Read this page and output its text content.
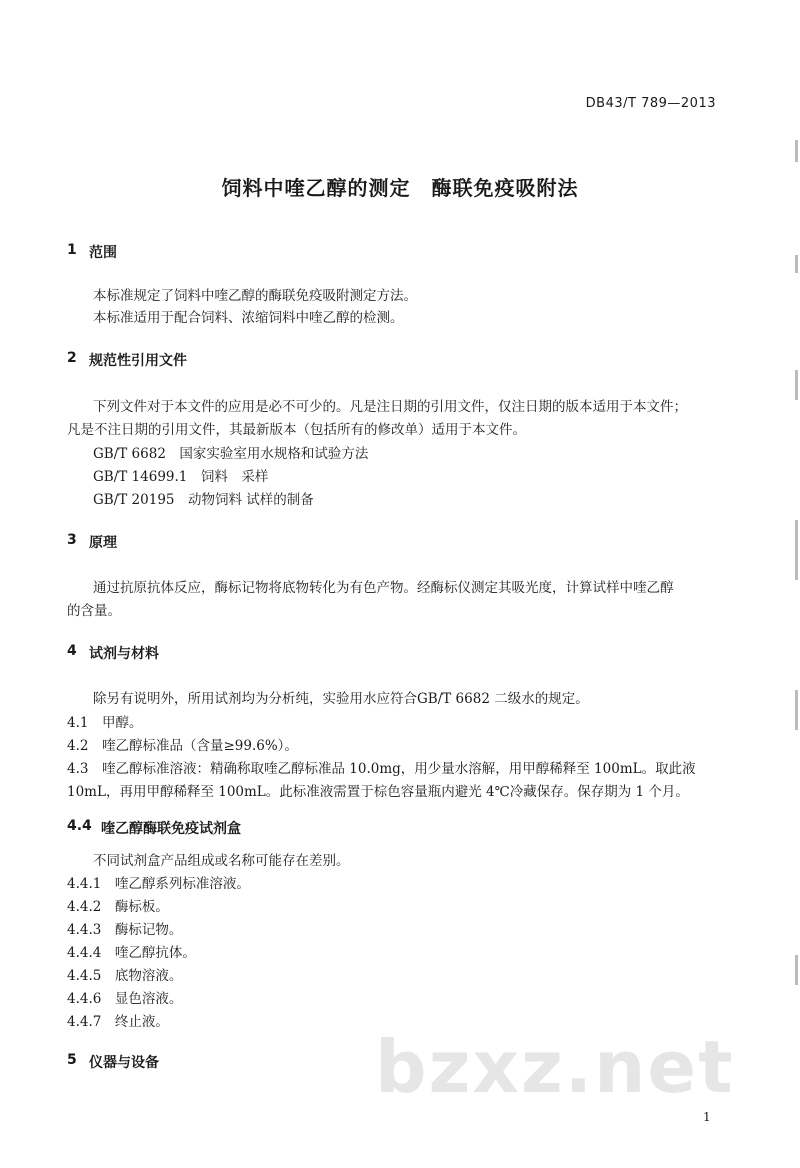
DB43/T 789—2013
饲料中喹乙醇的测定　酶联免疫吸附法
1 范围
本标准规定了饲料中喹乙醇的酶联免疫吸附测定方法。
本标准适用于配合饲料、浓缩饲料中喹乙醇的检测。
2 规范性引用文件
下列文件对于本文件的应用是必不可少的。凡是注日期的引用文件，仅注日期的版本适用于本文件；
凡是不注日期的引用文件，其最新版本（包括所有的修改单）适用于本文件。
GB/T 6682　国家实验室用水规格和试验方法
GB/T 14699.1　饲料　采样
GB/T 20195　动物饲料 试样的制备
3 原理
通过抗原抗体反应，酶标记物将底物转化为有色产物。经酶标仪测定其吸光度，计算试样中喹乙醇
的含量。
4 试剂与材料
除另有说明外，所用试剂均为分析纯，实验用水应符合GB/T 6682 二级水的规定。
4.1　甲醇。
4.2　喹乙醇标准品（含量≥99.6%）。
4.3　喹乙醇标准溶液：精确称取喹乙醇标准品 10.0mg，用少量水溶解，用甲醇稀释至 100mL。取此液
10mL，再用甲醇稀释至 100mL。此标准液需置于棕色容量瓶内避光 4℃冷藏保存。保存期为 1 个月。
4.4 喹乙醇酶联免疫试剂盒
不同试剂盒产品组成或名称可能存在差别。
4.4.1　喹乙醇系列标准溶液。
4.4.2　酶标板。
4.4.3　酶标记物。
4.4.4　喹乙醇抗体。
4.4.5　底物溶液。
4.4.6　显色溶液。
4.4.7　终止液。
bzxz.net
5 仪器与设备
1
